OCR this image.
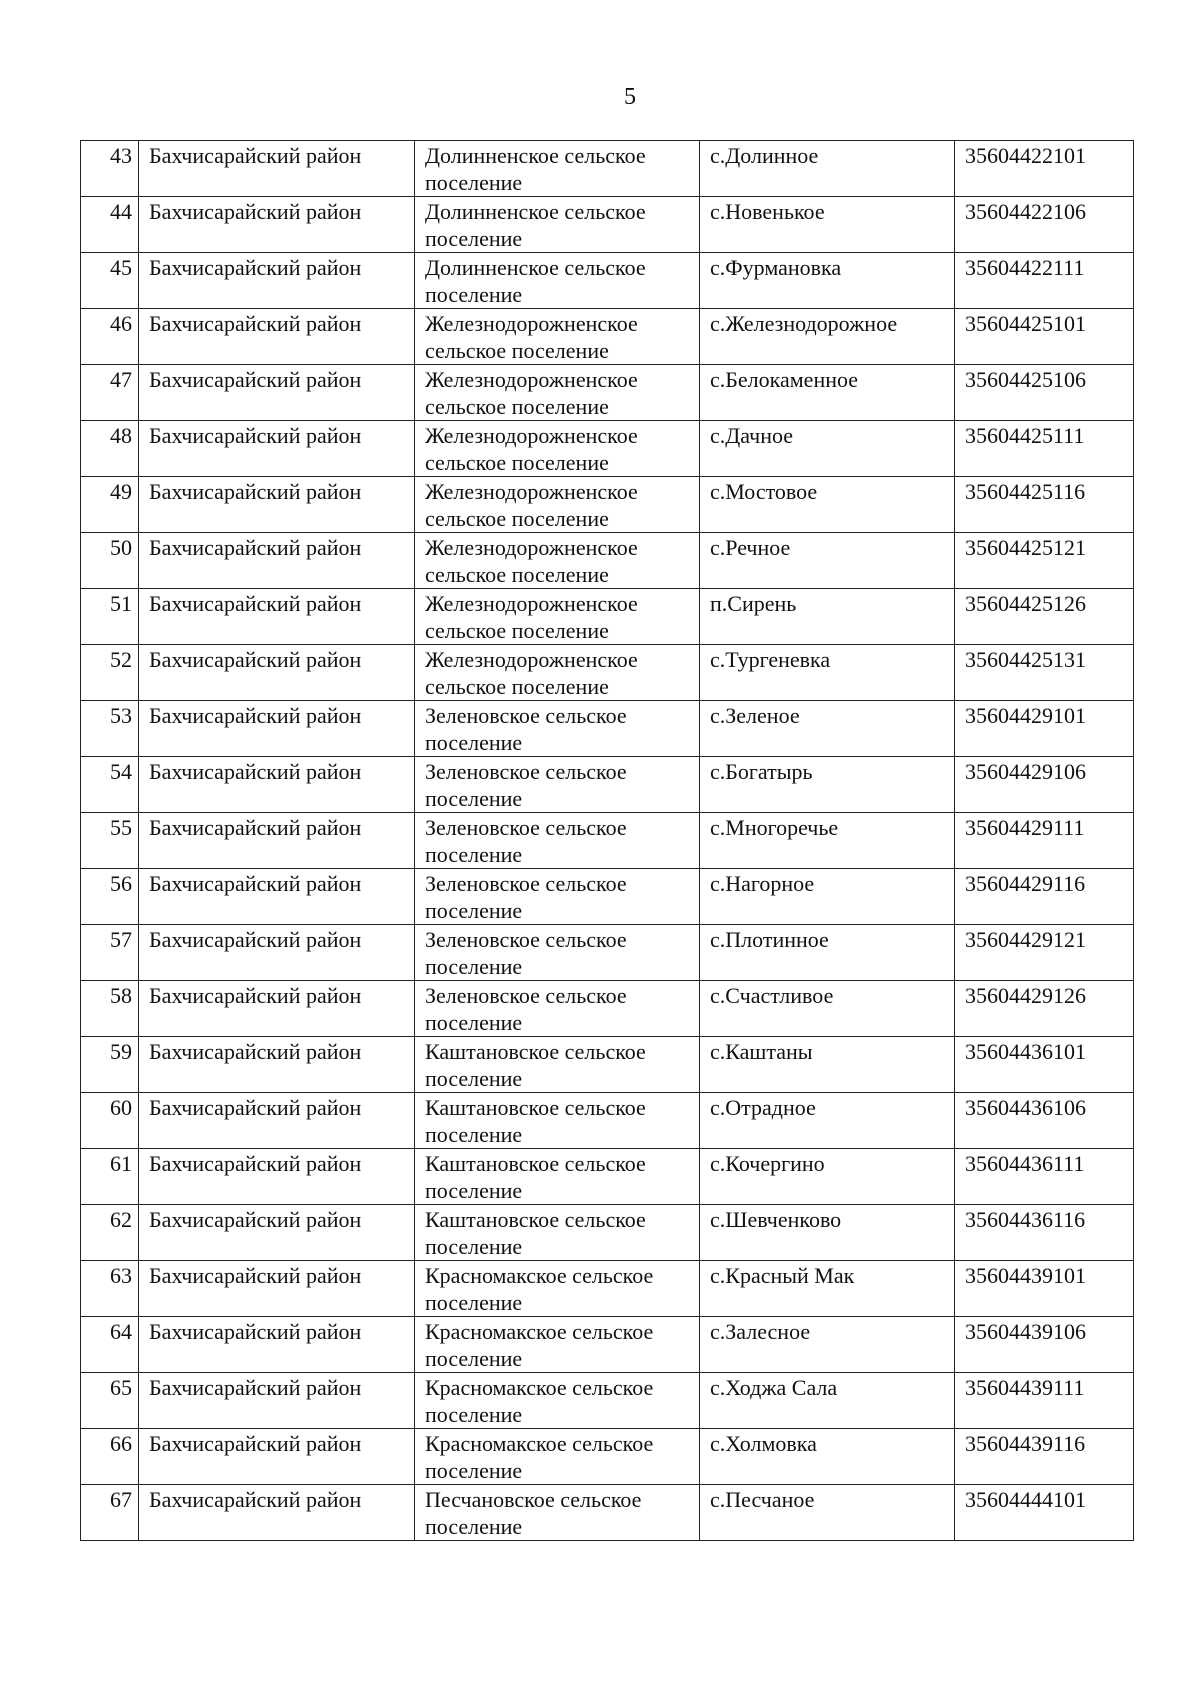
5
43	Бахчисарайский район	Долинненское сельское поселение	с.Долинное	35604422101
44	Бахчисарайский район	Долинненское сельское поселение	с.Новенькое	35604422106
45	Бахчисарайский район	Долинненское сельское поселение	с.Фурмановка	35604422111
46	Бахчисарайский район	Железнодорожненское сельское поселение	с.Железнодорожное	35604425101
47	Бахчисарайский район	Железнодорожненское сельское поселение	с.Белокаменное	35604425106
48	Бахчисарайский район	Железнодорожненское сельское поселение	с.Дачное	35604425111
49	Бахчисарайский район	Железнодорожненское сельское поселение	с.Мостовое	35604425116
50	Бахчисарайский район	Железнодорожненское сельское поселение	с.Речное	35604425121
51	Бахчисарайский район	Железнодорожненское сельское поселение	п.Сирень	35604425126
52	Бахчисарайский район	Железнодорожненское сельское поселение	с.Тургеневка	35604425131
53	Бахчисарайский район	Зеленовское сельское поселение	с.Зеленое	35604429101
54	Бахчисарайский район	Зеленовское сельское поселение	с.Богатырь	35604429106
55	Бахчисарайский район	Зеленовское сельское поселение	с.Многоречье	35604429111
56	Бахчисарайский район	Зеленовское сельское поселение	с.Нагорное	35604429116
57	Бахчисарайский район	Зеленовское сельское поселение	с.Плотинное	35604429121
58	Бахчисарайский район	Зеленовское сельское поселение	с.Счастливое	35604429126
59	Бахчисарайский район	Каштановское сельское поселение	с.Каштаны	35604436101
60	Бахчисарайский район	Каштановское сельское поселение	с.Отрадное	35604436106
61	Бахчисарайский район	Каштановское сельское поселение	с.Кочергино	35604436111
62	Бахчисарайский район	Каштановское сельское поселение	с.Шевченково	35604436116
63	Бахчисарайский район	Красномакское сельское поселение	с.Красный Мак	35604439101
64	Бахчисарайский район	Красномакское сельское поселение	с.Залесное	35604439106
65	Бахчисарайский район	Красномакское сельское поселение	с.Ходжа Сала	35604439111
66	Бахчисарайский район	Красномакское сельское поселение	с.Холмовка	35604439116
67	Бахчисарайский район	Песчановское сельское поселение	с.Песчаное	35604444101
